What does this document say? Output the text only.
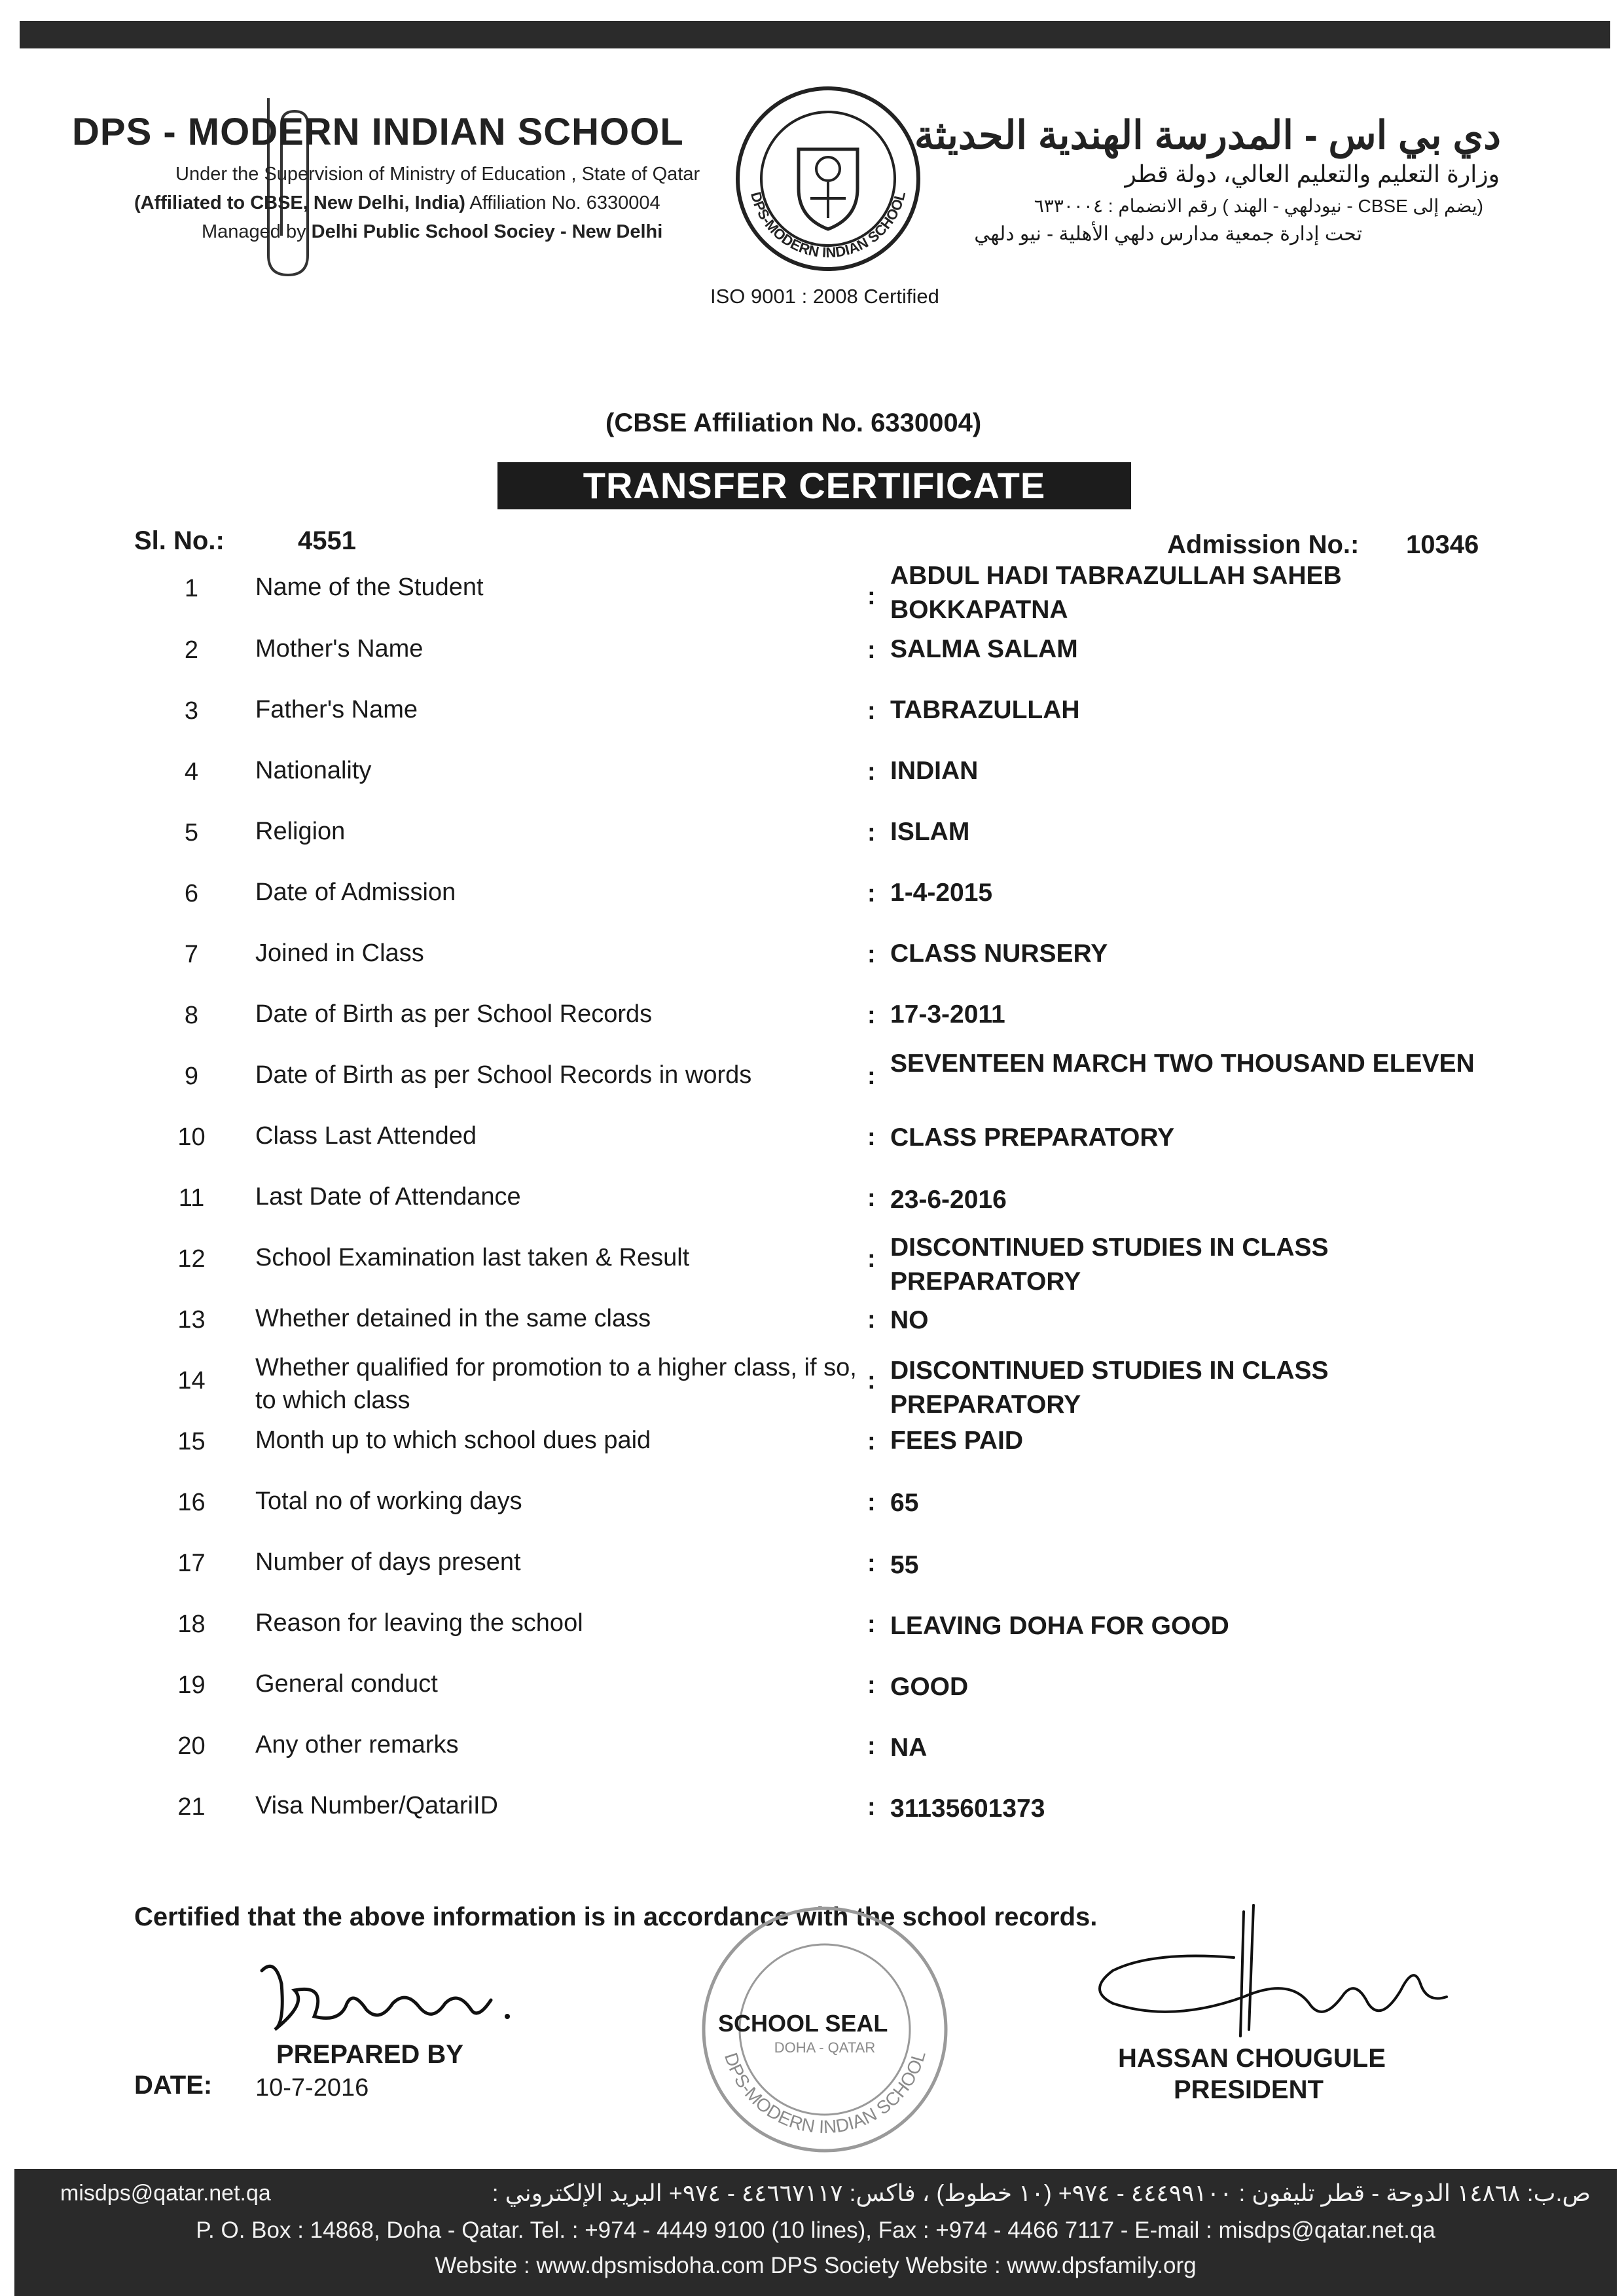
DPS - MODERN INDIAN SCHOOL
Under the Supervision of Ministry of Education , State of Qatar
(Affiliated to CBSE, New Delhi, India) Affiliation No. 6330004
Managed by Delhi Public School Sociey - New Delhi
DPS-MODERN INDIAN SCHOOL
دي بي اس - المدرسة الهندية الحديثة
وزارة التعليم والتعليم العالي، دولة قطر
(يضم إلى CBSE - نيودلهي - الهند ) رقم الانضمام : ٦٣٣٠٠٠٤
تحت إدارة جمعية مدارس دلهي الأهلية - نيو دلهي
ISO 9001 : 2008 Certified
(CBSE Affiliation No. 6330004)
TRANSFER CERTIFICATE
Sl. No.:	4551	Admission No.: 10346
1	Name of the Student	:
ABDUL HADI TABRAZULLAH SAHEB BOKKAPATNA
2	Mother's Name	: SALMA SALAM
3	Father's Name	: TABRAZULLAH
4	Nationality	: INDIAN
5	Religion	: ISLAM
6	Date of Admission	: 1-4-2015
7	Joined in Class	: CLASS NURSERY
8	Date of Birth as per School Records	: 17-3-2011
9	Date of Birth as per School Records in words	: SEVENTEEN MARCH TWO THOUSAND ELEVEN
10	Class Last Attended	: CLASS PREPARATORY
11	Last Date of Attendance	: 23-6-2016
12	School Examination last taken & Result	: DISCONTINUED STUDIES IN CLASS PREPARATORY
13	Whether detained in the same class	: NO
14	Whether qualified for promotion to a higher class, if so, to which class
: DISCONTINUED STUDIES IN CLASS PREPARATORY
15	Month up to which school dues paid	: FEES PAID
16	Total no of working days	: 65
17	Number of days present	: 55
18	Reason for leaving the school	: LEAVING DOHA FOR GOOD
19	General conduct	: GOOD
20	Any other remarks	: NA
21	Visa Number/QatariID	: 31135601373
Certified that the above information is in accordance with the school records.
PREPARED BY
DATE: 10-7-2016
DPS-MODERN INDIAN SCHOOL
DOHA - QATAR
SCHOOL SEAL
HASSAN CHOUGULE
PRESIDENT
misdps@qatar.net.qa	ص.ب: ١٤٨٦٨ الدوحة - قطر تليفون : ٤٤٤٩٩١٠٠ - ٩٧٤+ (١٠ خطوط) ، فاكس: ٤٤٦٦٧١١٧ - ٩٧٤+ البريد الإلكتروني :
P. O. Box : 14868, Doha - Qatar. Tel. : +974 - 4449 9100 (10 lines), Fax : +974 - 4466 7117 - E-mail : misdps@qatar.net.qa
Website : www.dpsmisdoha.com DPS Society Website : www.dpsfamily.org
